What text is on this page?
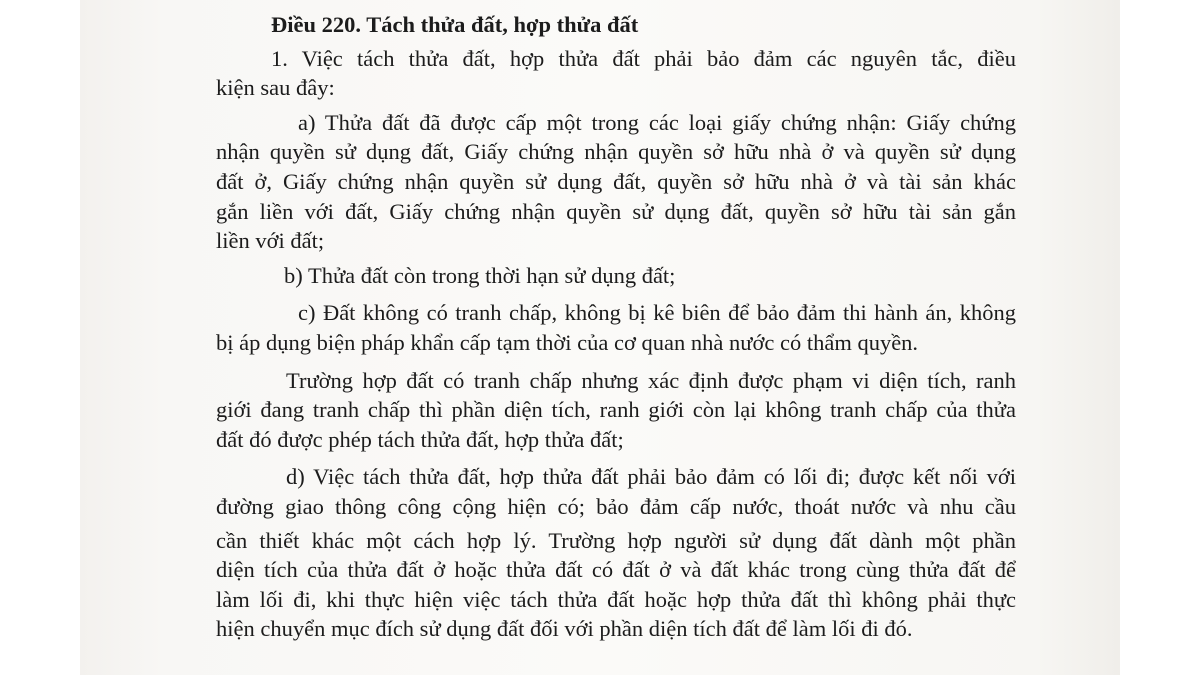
Điều 220. Tách thửa đất, hợp thửa đất
1. Việc tách thửa đất, hợp thửa đất phải bảo đảm các nguyên tắc, điều
kiện sau đây:
a) Thửa đất đã được cấp một trong các loại giấy chứng nhận: Giấy chứng
nhận quyền sử dụng đất, Giấy chứng nhận quyền sở hữu nhà ở và quyền sử dụng
đất ở, Giấy chứng nhận quyền sử dụng đất, quyền sở hữu nhà ở và tài sản khác
gắn liền với đất, Giấy chứng nhận quyền sử dụng đất, quyền sở hữu tài sản gắn
liền với đất;
b) Thửa đất còn trong thời hạn sử dụng đất;
c) Đất không có tranh chấp, không bị kê biên để bảo đảm thi hành án, không
bị áp dụng biện pháp khẩn cấp tạm thời của cơ quan nhà nước có thẩm quyền.
Trường hợp đất có tranh chấp nhưng xác định được phạm vi diện tích, ranh
giới đang tranh chấp thì phần diện tích, ranh giới còn lại không tranh chấp của thửa
đất đó được phép tách thửa đất, hợp thửa đất;
d) Việc tách thửa đất, hợp thửa đất phải bảo đảm có lối đi; được kết nối với
đường giao thông công cộng hiện có; bảo đảm cấp nước, thoát nước và nhu cầu
cần thiết khác một cách hợp lý. Trường hợp người sử dụng đất dành một phần
diện tích của thửa đất ở hoặc thửa đất có đất ở và đất khác trong cùng thửa đất để
làm lối đi, khi thực hiện việc tách thửa đất hoặc hợp thửa đất thì không phải thực
hiện chuyển mục đích sử dụng đất đối với phần diện tích đất để làm lối đi đó.
